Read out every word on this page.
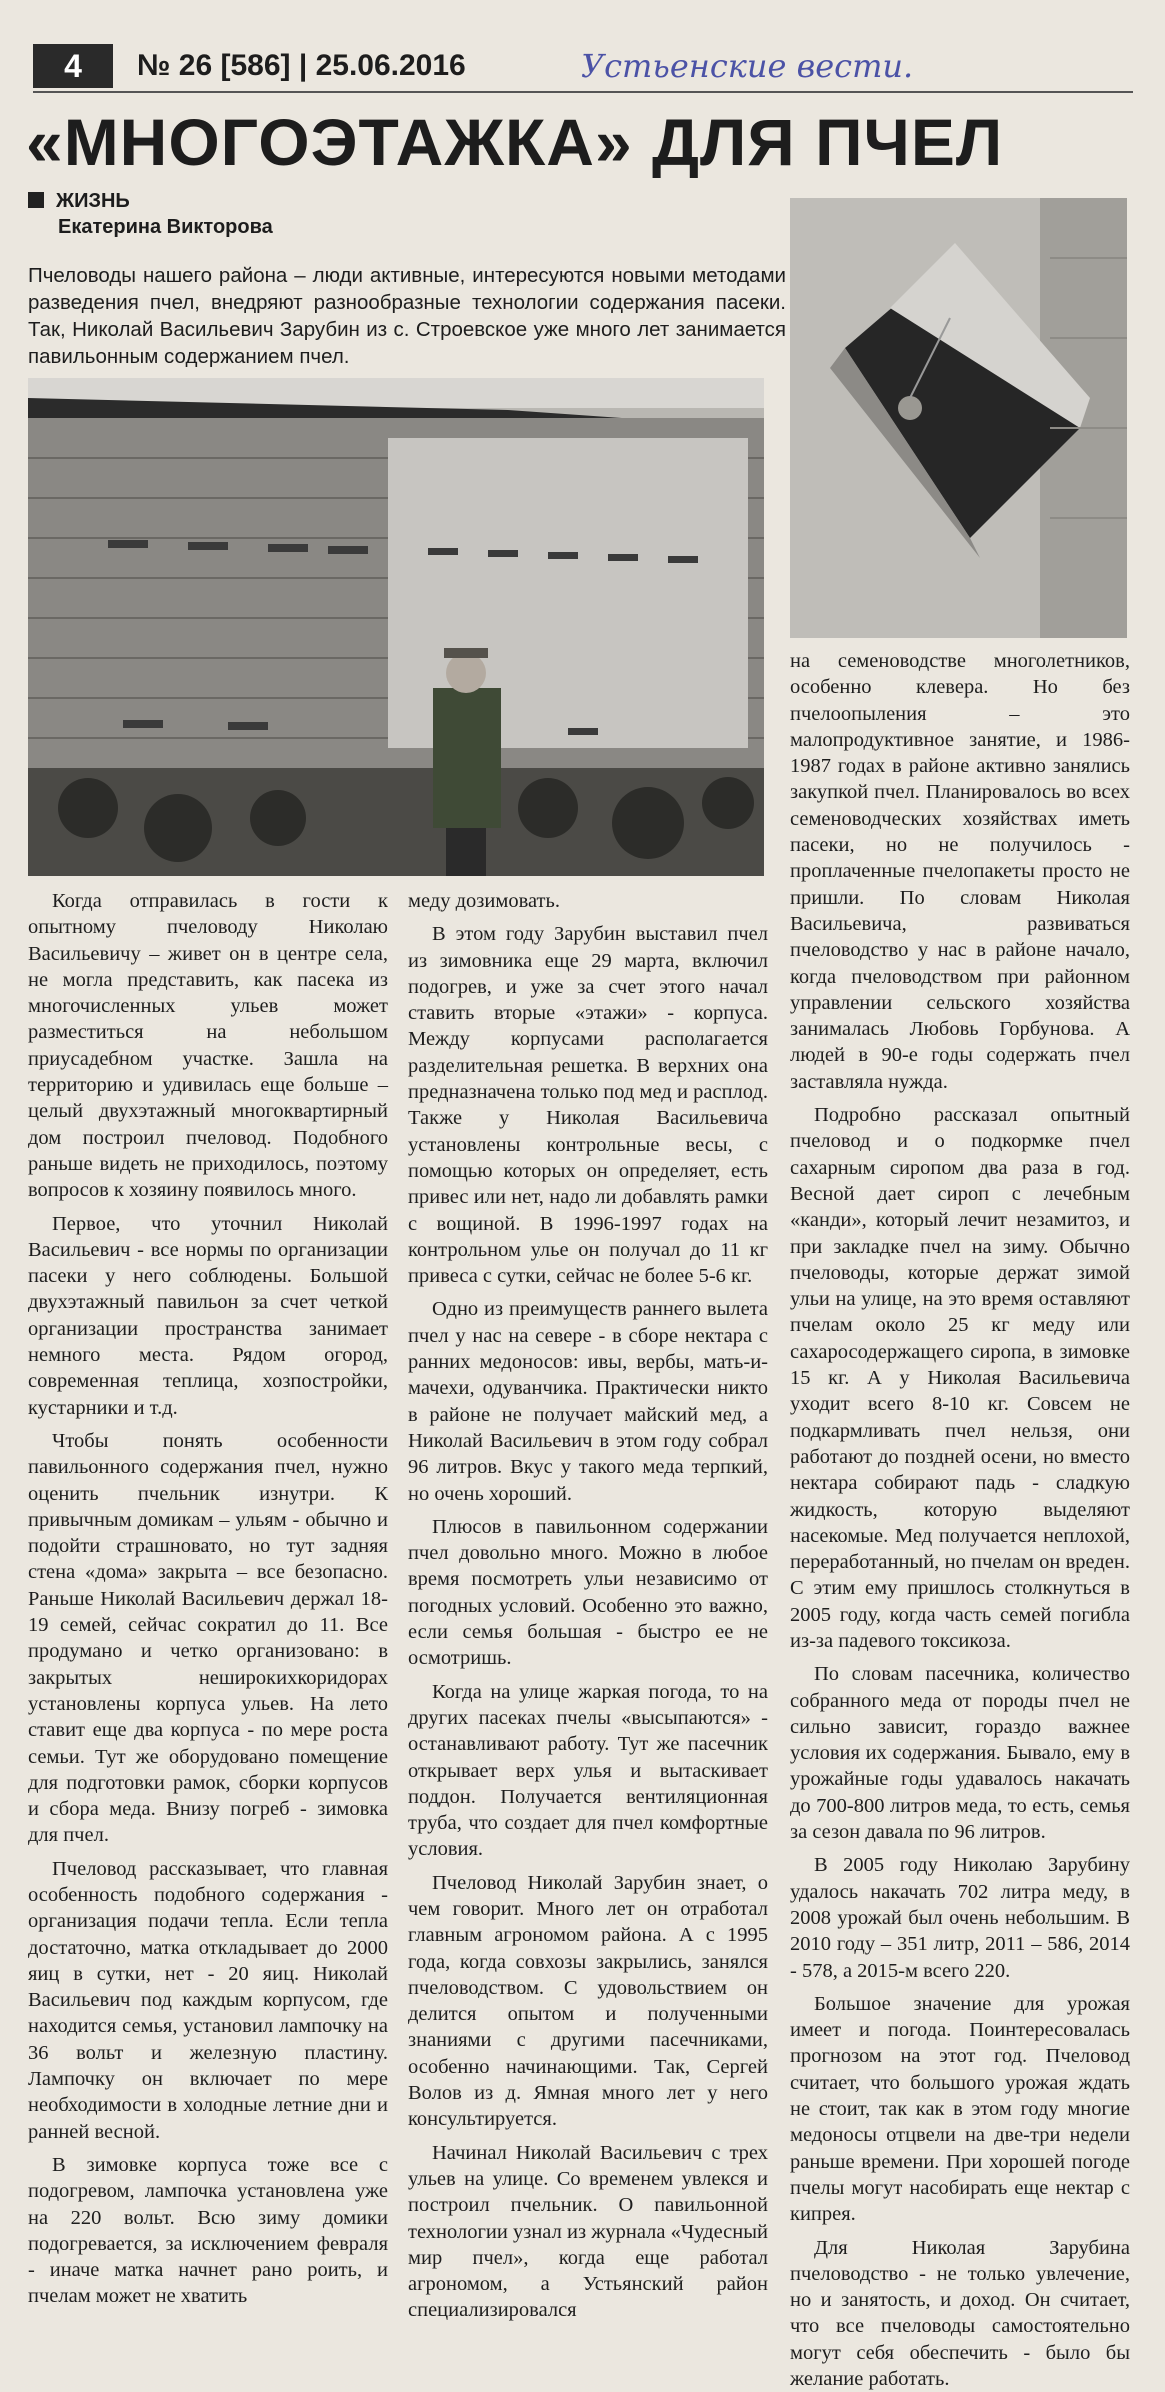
4	№ 26 [586] | 25.06.2016	Устьенские вести.
«МНОГОЭТАЖКА» ДЛЯ ПЧЕЛ
ЖИЗНЬ
Екатерина Викторова
Пчеловоды нашего района – люди активные, интересуются новыми методами разведения пчел, внедряют разнообразные технологии содержания пасеки. Так, Николай Васильевич Зарубин из с. Строевское уже много лет занимается павильонным содержанием пчел.

Когда отправилась в гости к опытному пчеловоду Николаю Васильевичу – живет он в центре села, не могла представить, как пасека из многочисленных ульев может разместиться на небольшом приусадебном участке. Зашла на территорию и удивилась еще больше – целый двухэтажный многоквартирный дом построил пчеловод. Подобного раньше видеть не приходилось, поэтому вопросов к хозяину появилось много.

Первое, что уточнил Николай Васильевич - все нормы по организации пасеки у него соблюдены. Большой двухэтажный павильон за счет четкой организации пространства занимает немного места. Рядом огород, современная теплица, хозпостройки, кустарники и т.д.

Чтобы понять особенности павильонного содержания пчел, нужно оценить пчельник изнутри. К привычным домикам – ульям - обычно и подойти страшновато, но тут задняя стена «дома» закрыта – все безопасно. Раньше Николай Васильевич держал 18-19 семей, сейчас сократил до 11. Все продумано и четко организовано: в закрытых неширокихкоридорах установлены корпуса ульев. На лето ставит еще два корпуса - по мере роста семьи. Тут же оборудовано помещение для подготовки рамок, сборки корпусов и сбора меда. Внизу погреб - зимовка для пчел.

Пчеловод рассказывает, что главная особенность подобного содержания - организация подачи тепла. Если тепла достаточно, матка откладывает до 2000 яиц в сутки, нет - 20 яиц. Николай Васильевич под каждым корпусом, где находится семья, установил лампочку на 36 вольт и железную пластину. Лампочку он включает по мере необходимости в холодные летние дни и ранней весной.

В зимовке корпуса тоже все с подогревом, лампочка установлена уже на 220 вольт. Всю зиму домики подогревается, за исключением февраля - иначе матка начнет рано роить, и пчелам может не хватить

меду дозимовать.

В этом году Зарубин выставил пчел из зимовника еще 29 марта, включил подогрев, и уже за счет этого начал ставить вторые «этажи» - корпуса. Между корпусами располагается разделительная решетка. В верхних она предназначена только под мед и расплод. Также у Николая Васильевича установлены контрольные весы, с помощью которых он определяет, есть привес или нет, надо ли добавлять рамки с вощиной. В 1996-1997 годах на контрольном улье он получал до 11 кг привеса с сутки, сейчас не более 5-6 кг.

Одно из преимуществ раннего вылета пчел у нас на севере - в сборе нектара с ранних медоносов: ивы, вербы, мать-и-мачехи, одуванчика. Практически никто в районе не получает майский мед, а Николай Васильевич в этом году собрал 96 литров. Вкус у такого меда терпкий, но очень хороший.

Плюсов в павильонном содержании пчел довольно много. Можно в любое время посмотреть ульи независимо от погодных условий. Особенно это важно, если семья большая - быстро ее не осмотришь.

Когда на улице жаркая погода, то на других пасеках пчелы «высыпаются» - останавливают работу. Тут же пасечник открывает верх улья и вытаскивает поддон. Получается вентиляционная труба, что создает для пчел комфортные условия.

Пчеловод Николай Зарубин знает, о чем говорит. Много лет он отработал главным агрономом района. А с 1995 года, когда совхозы закрылись, занялся пчеловодством. С удовольствием он делится опытом и полученными знаниями с другими пасечниками, особенно начинающими. Так, Сергей Волов из д. Ямная много лет у него консультируется.

Начинал Николай Васильевич с трех ульев на улице. Со временем увлекся и построил пчельник. О павильонной технологии узнал из журнала «Чудесный мир пчел», когда еще работал агрономом, а Устьянский район специализировался

на семеноводстве многолетников, особенно клевера. Но без пчелоопыления – это малопродуктивное занятие, и 1986-1987 годах в районе активно занялись закупкой пчел. Планировалось во всех семеноводческих хозяйствах иметь пасеки, но не получилось - проплаченные пчелопакеты просто не пришли. По словам Николая Васильевича, развиваться пчеловодство у нас в районе начало, когда пчеловодством при районном управлении сельского хозяйства занималась Любовь Горбунова. А людей в 90-е годы содержать пчел заставляла нужда.

Подробно рассказал опытный пчеловод и о подкормке пчел сахарным сиропом два раза в год. Весной дает сироп с лечебным «канди», который лечит незамитоз, и при закладке пчел на зиму. Обычно пчеловоды, которые держат зимой ульи на улице, на это время оставляют пчелам около 25 кг меду или сахаросодержащего сиропа, в зимовке 15 кг. А у Николая Васильевича уходит всего 8-10 кг. Совсем не подкармливать пчел нельзя, они работают до поздней осени, но вместо нектара собирают падь - сладкую жидкость, которую выделяют насекомые. Мед получается неплохой, переработанный, но пчелам он вреден. С этим ему пришлось столкнуться в 2005 году, когда часть семей погибла из-за падевого токсикоза.

По словам пасечника, количество собранного меда от породы пчел не сильно зависит, гораздо важнее условия их содержания. Бывало, ему в урожайные годы удавалось накачать до 700-800 литров меда, то есть, семья за сезон давала по 96 литров.

В 2005 году Николаю Зарубину удалось накачать 702 литра меду, в 2008 урожай был очень небольшим. В 2010 году – 351 литр, 2011 – 586, 2014 - 578, а 2015-м всего 220.

Большое значение для урожая имеет и погода. Поинтересовалась прогнозом на этот год. Пчеловод считает, что большого урожая ждать не стоит, так как в этом году многие медоносы отцвели на две-три недели раньше времени. При хорошей погоде пчелы могут насобирать еще нектар с кипрея.

Для Николая Зарубина пчеловодство - не только увлечение, но и занятость, и доход. Он считает, что все пчеловоды самостоятельно могут себя обеспечить - было бы желание работать.
